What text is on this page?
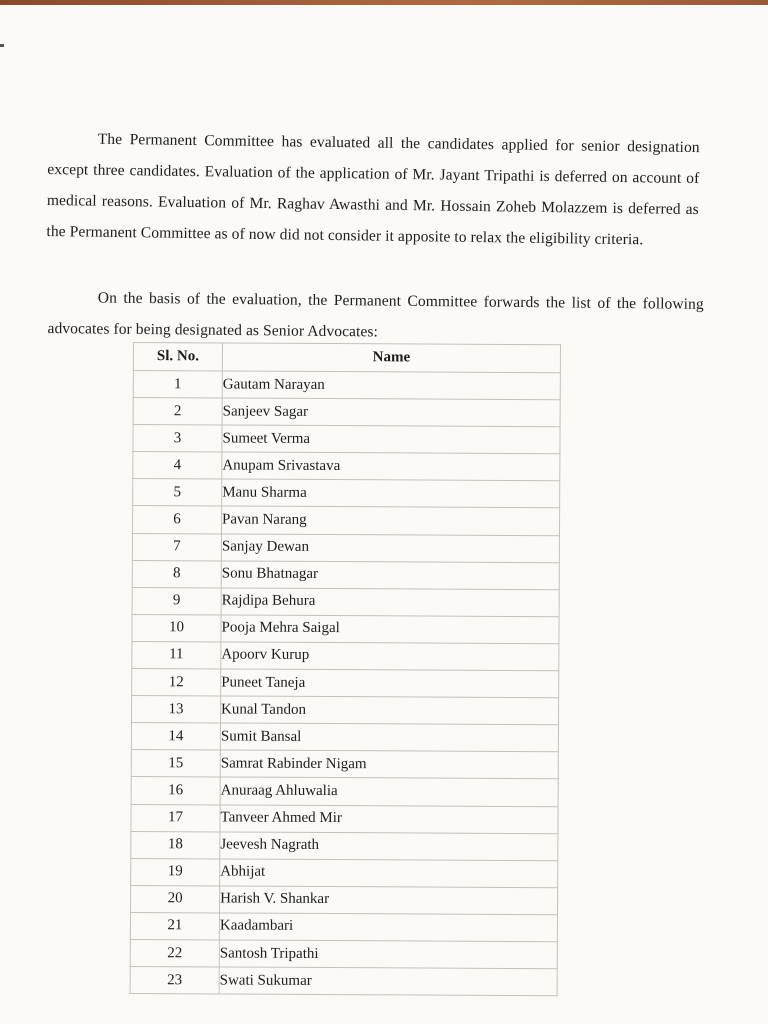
The Permanent Committee has evaluated all the candidates applied for senior designation except three candidates. Evaluation of the application of Mr. Jayant Tripathi is deferred on account of medical reasons. Evaluation of Mr. Raghav Awasthi and Mr. Hossain Zoheb Molazzem is deferred as the Permanent Committee as of now did not consider it apposite to relax the eligibility criteria.

On the basis of the evaluation, the Permanent Committee forwards the list of the following advocates for being designated as Senior Advocates:

Sl. No.	Name
1	Gautam Narayan
2	Sanjeev Sagar
3	Sumeet Verma
4	Anupam Srivastava
5	Manu Sharma
6	Pavan Narang
7	Sanjay Dewan
8	Sonu Bhatnagar
9	Rajdipa Behura
10	Pooja Mehra Saigal
11	Apoorv Kurup
12	Puneet Taneja
13	Kunal Tandon
14	Sumit Bansal
15	Samrat Rabinder Nigam
16	Anuraag Ahluwalia
17	Tanveer Ahmed Mir
18	Jeevesh Nagrath
19	Abhijat
20	Harish V. Shankar
21	Kaadambari
22	Santosh Tripathi
23	Swati Sukumar
